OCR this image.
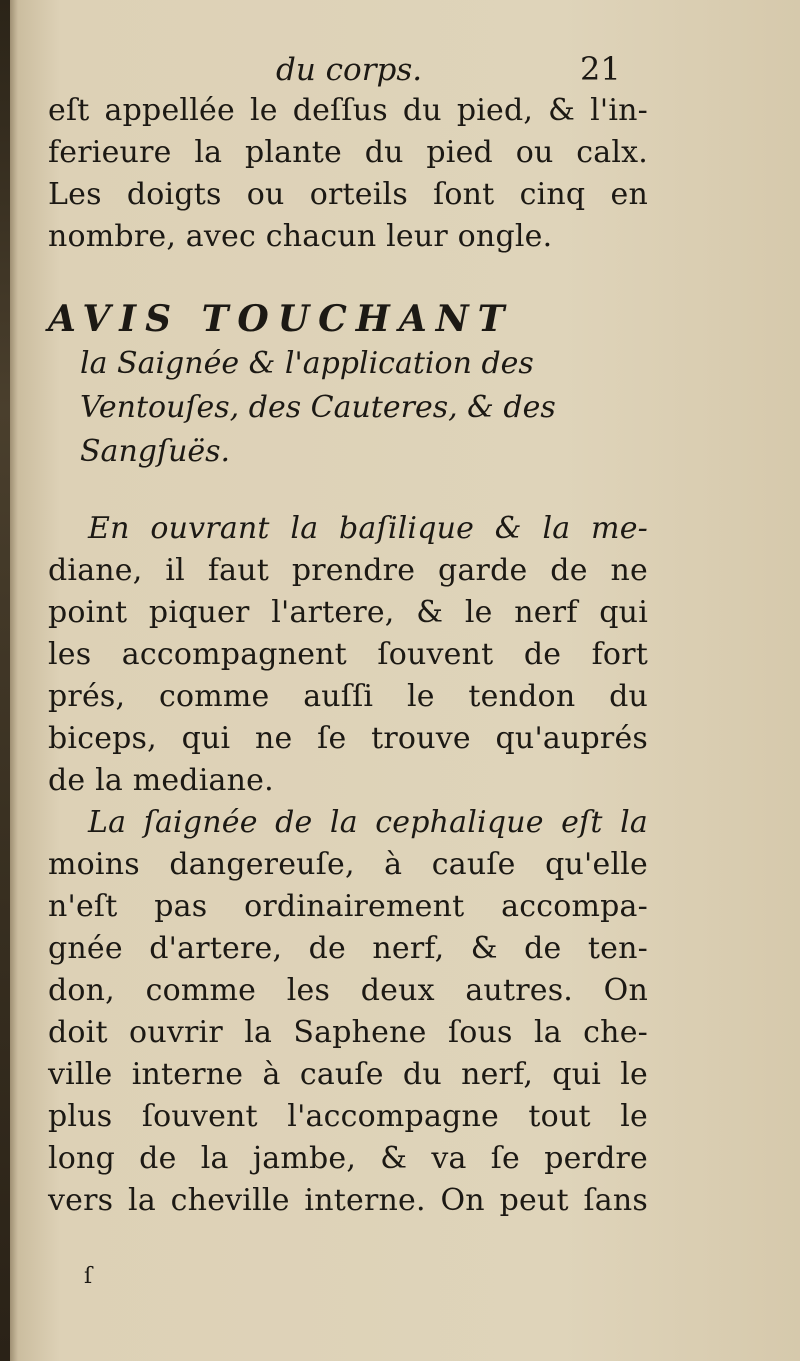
du corps.	21
eſt appellée le deſſus du pied, & l'in-
ferieure la plante du pied ou calx.
Les doigts ou orteils ſont cinq en
nombre, avec chacun leur ongle.
AVIS TOUCHANT
la Saignée & l'application des
Ventouſes, des Cauteres, & des
Sangſuës.
En ouvrant la baſilique & la me-
diane, il faut prendre garde de ne
point piquer l'artere, & le nerf qui
les accompagnent ſouvent de fort
prés, comme auſſi le tendon du
biceps, qui ne ſe trouve qu'auprés
de la mediane.
La ſaignée de la cephalique eſt la
moins dangereuſe, à cauſe qu'elle
n'eſt pas ordinairement accompa-
gnée d'artere, de nerf, & de ten-
don, comme les deux autres. On
doit ouvrir la Saphene ſous la che-
ville interne à cauſe du nerf, qui le
plus ſouvent l'accompagne tout le
long de la jambe, & va ſe perdre
vers la cheville interne. On peut ſans
ſ
